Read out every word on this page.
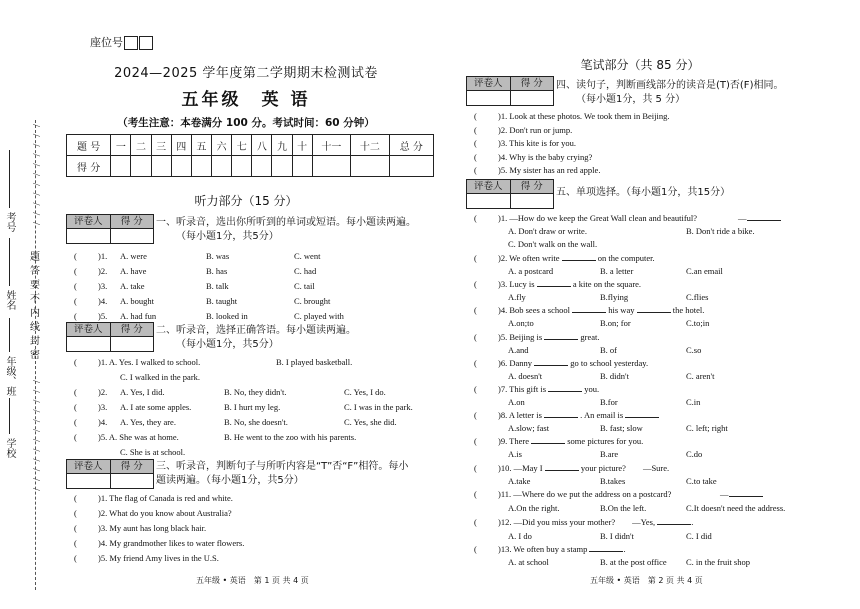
/ / / / / / / / / / /
/ / / / / / / / / / / /
考号
姓名
年级、班
学校
题
答
要
不
内
线
封
密
座位号
2024—2025 学年度第二学期期末检测试卷
五年级　英 语
（考生注意：本卷满分 100 分。考试时间：60 分钟）
题 号	一	二	三	四	五	六	七	八	九	十	十一	十二	总 分
得 分													
听力部分（15 分）
评卷人	得 分	一、听录音，选出你所听到的单词或短语。每小题读两遍。
（每小题1分，共5分）
( )1. A. were	B. was	C. went
( )2. A. have	B. has	C. had
( )3. A. take	B. talk	C. tail
( )4. A. bought	B. taught	C. brought
( )5. A. had fun	B. looked in	C. played with
评卷人	得 分	二、听录音，选择正确答语。每小题读两遍。
（每小题1分，共5分）
( )1. A. Yes. I walked to school.	B. I played basketball.
C. I walked in the park.
( )2. A. Yes, I did.	B. No, they didn't.	C. Yes, I do.
( )3. A. I ate some apples.	B. I hurt my leg.	C. I was in the park.
( )4. A. Yes, they are.	B. No, she doesn't.	C. Yes, she did.
( )5. A. She was at home.	B. He went to the zoo with his parents.
C. She is at school.
评卷人	得 分	三、听录音，判断句子与所听内容是“T”否“F”相符。每小
题读两遍。（每小题1分，共5分）
( )1. The flag of Canada is red and white.
( )2. What do you know about Australia?
( )3. My aunt has long black hair.
( )4. My grandmother likes to water flowers.
( )5. My friend Amy lives in the U.S.
五年级 • 英语　第 1 页 共 4 页
笔试部分（共 85 分）
评卷人	得 分	四、读句子，判断画线部分的读音是(T)否(F)相同。
（每小题1分，共 5 分）
( )1. Look at these photos. We took them in Beijing.
( )2. Don't run or jump.
( )3. This kite is for you.
( )4. Why is the baby crying?
( )5. My sister has an red apple.
评卷人	得 分
五、单项选择。（每小题1分，共15分）
( )1. —How do we keep the Great Wall clean and beautiful?	—
A. Don't draw or write.	B. Don't ride a bike.
C. Don't walk on the wall.
( )2. We often write	on the computer.
A. a postcard	B. a letter	C.an email
( )3. Lucy is	a kite on the square.
A.fly	B.flying	C.flies
( )4. Bob sees a school	his way	the hotel.
A.on;to	B.on; for	C.to;in
( )5. Beijing is	great.
A.and	B. of	C.so
( )6. Danny	go to school yesterday.
A. doesn't	B. didn't	C. aren't
( )7. This gift is	you.
A.on	B.for	C.in
( )8. A letter is	. An email is
A.slow; fast	B. fast; slow	C. left; right
( )9. There	some pictures for you.
A.is	B.are	C.do
( )10. —May I	your picture?　　—Sure.
A.take	B.takes	C.to take
( )11. —Where do we put the address on a postcard?	—
A.On the right.	B.On the left.	C.It doesn't need the address.
( )12. —Did you miss your mother?　　—Yes,	.
A. I do	B. I didn't	C. I did
( )13. We often buy a stamp	.
A. at school	B. at the post office C. in the fruit shop
五年级 • 英语　第 2 页 共 4 页
